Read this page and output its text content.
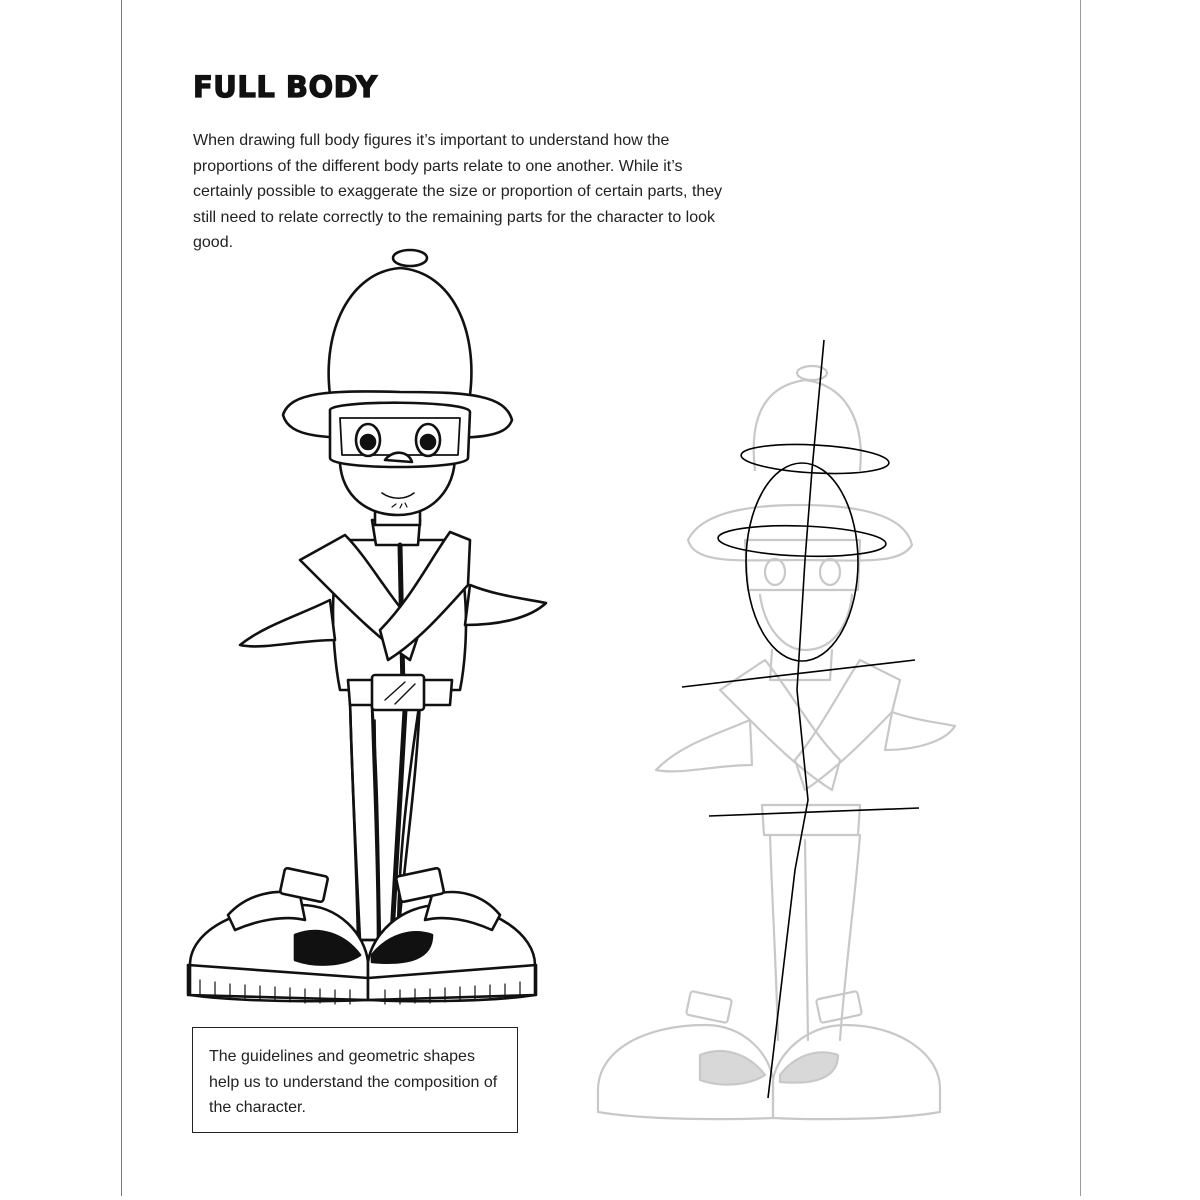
FULL BODY

When drawing full body figures it’s important to understand how the proportions of the different body parts relate to one another. While it’s certainly possible to exaggerate the size or proportion of certain parts, they still need to relate correctly to the remaining parts for the character to look good.

The guidelines and geometric shapes help us to understand the composition of the character.
